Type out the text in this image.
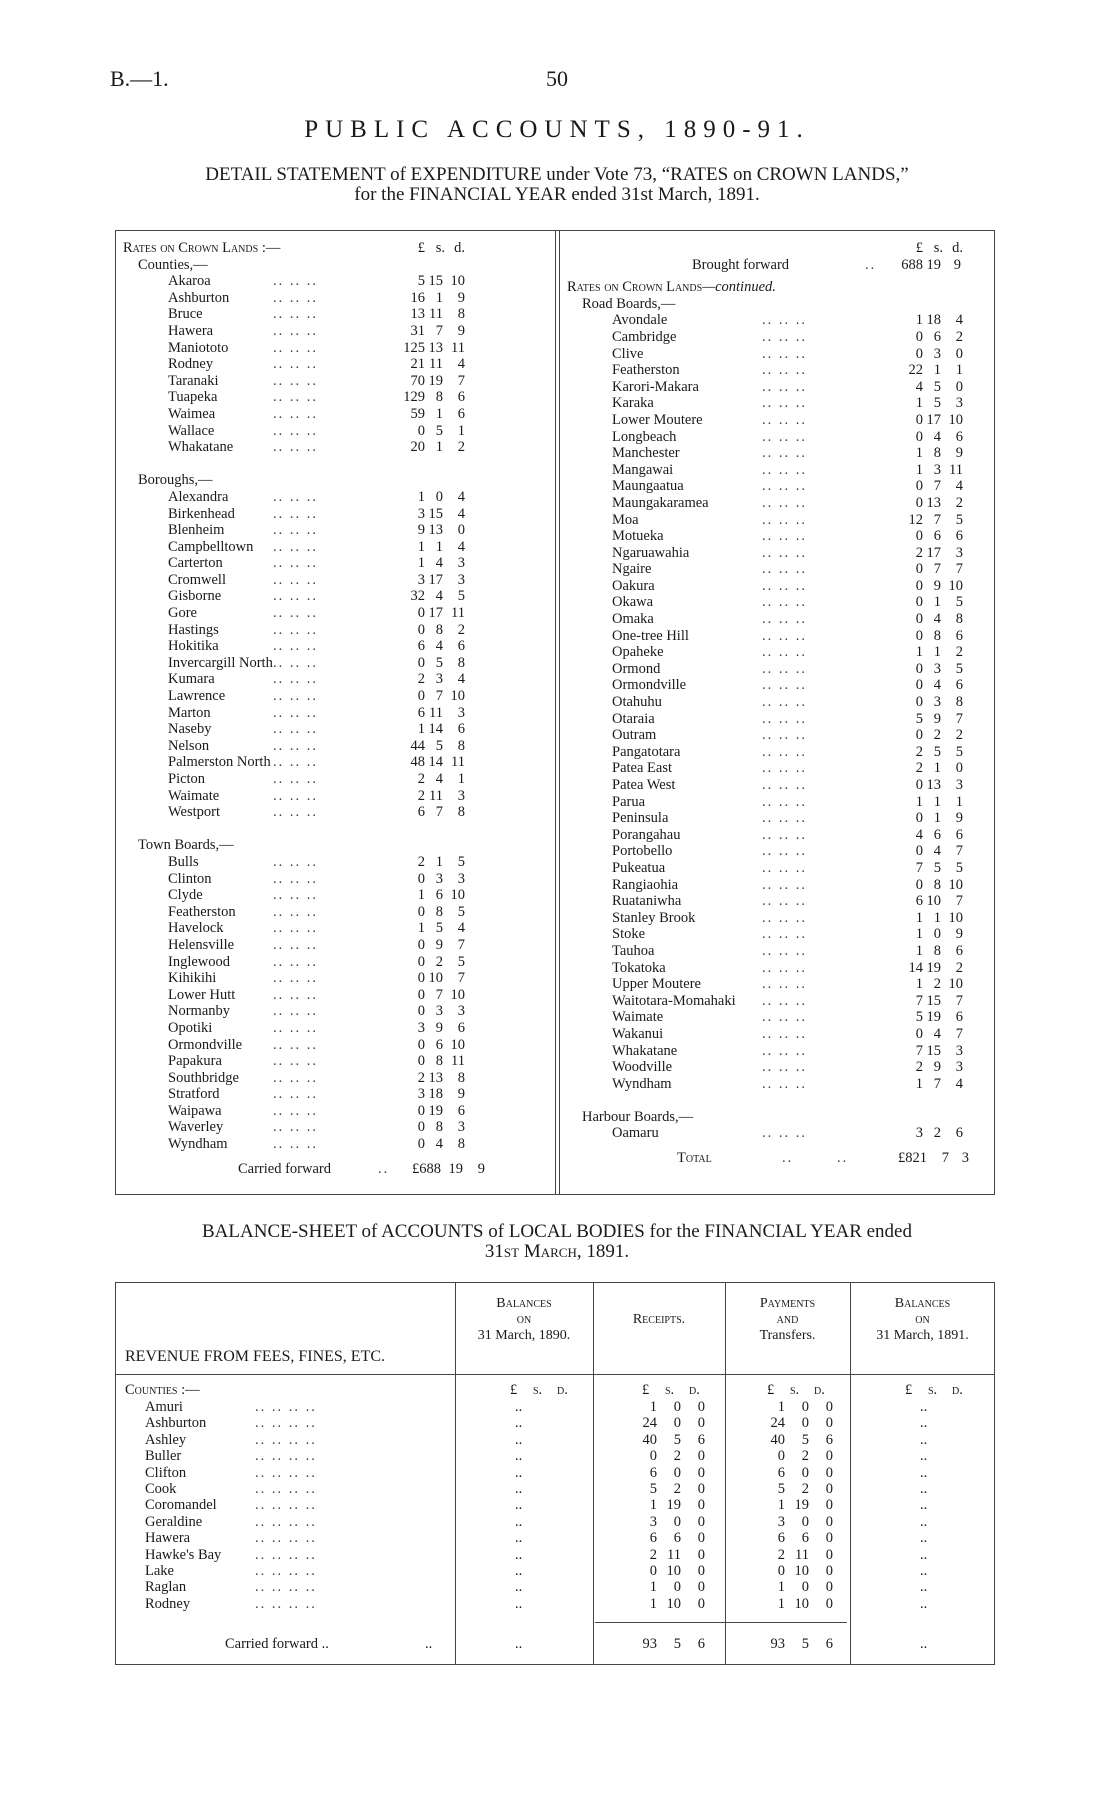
B.—1.	50
PUBLIC ACCOUNTS, 1890-91.
DETAIL STATEMENT of EXPENDITURE under Vote 73, “RATES on CROWN LANDS,”
for the FINANCIAL YEAR ended 31st March, 1891.
Rates on Crown Lands :—	£ s. d.
Counties,—
Akaroa	.. .. ..	5 15 10
Ashburton	.. .. ..	16 1	9
Bruce	.. .. ..	13 11	8
Hawera	.. .. ..	31 7	9
Maniototo	.. .. ..	125 13 11
Rodney	.. .. ..	21 11	4
Taranaki	.. .. ..	70 19	7
Tuapeka	.. .. ..	129 8	6
Waimea	.. .. ..	59 1	6
Wallace	.. .. ..	0 5	1
Whakatane	.. .. ..	20 1	2
Boroughs,—
Alexandra	.. .. ..	1 0	4
Birkenhead	.. .. ..	3 15	4
Blenheim	.. .. ..	9 13	0
Campbelltown .. .. ..	1 1	4
Carterton	.. .. ..	1 4	3
Cromwell	.. .. ..	3 17	3
Gisborne	.. .. ..	32 4	5
Gore	.. .. ..	0 17 11
Hastings	.. .. ..	0 8	2
Hokitika	.. .. ..	6 4	6
Invercargill North .. .. ..	0 5	8
Kumara	.. .. ..	2 3	4
Lawrence	.. .. ..	0 7 10
Marton	.. .. ..	6 11	3
Naseby	.. .. ..	1 14	6
Nelson	.. .. ..	44 5	8
Palmerston North .. .. ..	48 14 11
Picton	.. .. ..	2 4	1
Waimate	.. .. ..	2 11	3
Westport	.. .. ..	6 7	8
Town Boards,—
Bulls	.. .. ..	2 1	5
Clinton	.. .. ..	0 3	3
Clyde	.. .. ..	1 6 10
Featherston	.. .. ..	0 8	5
Havelock	.. .. ..	1 5	4
Helensville	.. .. ..	0 9	7
Inglewood	.. .. ..	0 2	5
Kihikihi	.. .. ..	0 10	7
Lower Hutt	.. .. ..	0 7 10
Normanby	.. .. ..	0 3	3
Opotiki	.. .. ..	3 9	6
Ormondville .. .. ..	0 6 10
Papakura	.. .. ..	0 8 11
Southbridge .. .. ..	2 13	8
Stratford	.. .. ..	3 18	9
Waipawa	.. .. ..	0 19	6
Waverley	.. .. ..	0 8	3
Wyndham	.. .. ..	0 4	8
Carried forward	..	£688 19	9
£ s. d.
Brought forward	..	688 19 9
Rates on Crown Lands—continued.
Road Boards,—
Avondale	.. .. ..	1 18	4
Cambridge	.. .. ..	0 6	2
Clive	.. .. ..	0 3	0
Featherston	.. .. ..	22 1	1
Karori-Makara	.. .. ..	4 5	0
Karaka	.. .. ..	1 5	3
Lower Moutere	.. .. ..	0 17 10
Longbeach	.. .. ..	0 4	6
Manchester	.. .. ..	1 8	9
Mangawai	.. .. ..	1 3 11
Maungaatua	.. .. ..	0 7	4
Maungakaramea	.. .. ..	0 13	2
Moa	.. .. ..	12 7	5
Motueka	.. .. ..	0 6	6
Ngaruawahia	.. .. ..	2 17	3
Ngaire	.. .. ..	0 7	7
Oakura	.. .. ..	0 9 10
Okawa	.. .. ..	0 1	5
Omaka	.. .. ..	0 4	8
One-tree Hill	.. .. ..	0 8	6
Opaheke	.. .. ..	1 1	2
Ormond	.. .. ..	0 3	5
Ormondville	.. .. ..	0 4	6
Otahuhu	.. .. ..	0 3	8
Otaraia	.. .. ..	5 9	7
Outram	.. .. ..	0 2	2
Pangatotara	.. .. ..	2 5	5
Patea East	.. .. ..	2 1	0
Patea West	.. .. ..	0 13	3
Parua	.. .. ..	1 1	1
Peninsula	.. .. ..	0 1	9
Porangahau	.. .. ..	4 6	6
Portobello	.. .. ..	0 4	7
Pukeatua	.. .. ..	7 5	5
Rangiaohia	.. .. ..	0 8 10
Ruataniwha	.. .. ..	6 10	7
Stanley Brook	.. .. ..	1 1 10
Stoke	.. .. ..	1 0	9
Tauhoa	.. .. ..	1 8	6
Tokatoka	.. .. ..	14 19	2
Upper Moutere	.. .. ..	1 2 10
Waitotara-Momahaki .. .. ..	7 15	7
Waimate	.. .. ..	5 19	6
Wakanui	.. .. ..	0 4	7
Whakatane	.. .. ..	7 15	3
Woodville	.. .. ..	2 9	3
Wyndham	.. .. ..	1 7	4
Harbour Boards,—
Oamaru	.. .. ..	3 2	6
Total	..	..	£821	7 3
BALANCE-SHEET of ACCOUNTS of LOCAL BODIES for the FINANCIAL YEAR ended
31st March, 1891.
REVENUE FROM FEES, FINES, ETC.
Balances
on
31 March, 1890.
Receipts.
Payments
and
Transfers.
Balances
on
31 March, 1891.
Counties :—	£ s. d.	£ s. d.	£ s. d.	£ s. d.
Amuri	.. .. .. ..	..	1	0	0	1	0	0	..
Ashburton	.. .. .. ..	..	24	0	0	24	0	0	..
Ashley	.. .. .. ..	..	40	5	6	40	5	6	..
Buller	.. .. .. ..	..	0	2	0	0	2	0	..
Clifton	.. .. .. ..	..	6	0	0	6	0	0	..
Cook	.. .. .. ..	..	5	2	0	5	2	0	..
Coromandel	.. .. .. ..	..	1 19	0	1 19	0	..
Geraldine	.. .. .. ..	..	3	0	0	3	0	0	..
Hawera	.. .. .. ..	..	6	6	0	6	6	0	..
Hawke's Bay .. .. .. ..	..	2 11	0	2 11	0	..
Lake	.. .. .. ..	..	0 10	0	0 10	0	..
Raglan	.. .. .. ..	..	1	0	0	1	0	0	..
Rodney	.. .. .. ..	..	1 10	0	1 10	0	..
Carried forward ..	..	..	93	5	6	93	5	6	..
